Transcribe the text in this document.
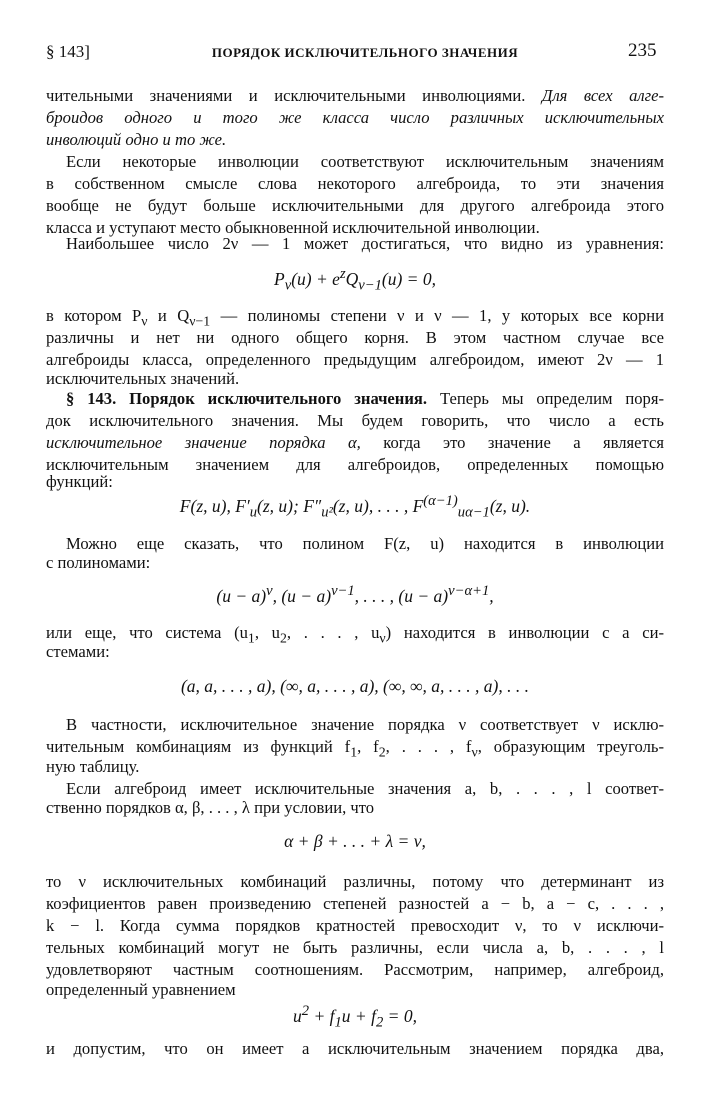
§ 143]	ПОРЯДОК ИСКЛЮЧИТЕЛЬНОГО ЗНАЧЕНИЯ	235
чительными значениями и исключительными инволюциями. Для всех алге-
броидов одного и того же класса число различных исключительных
инволюций одно и то же.
Если некоторые инволюции соответствуют исключительным значениям
в собственном смысле слова некоторого алгеброида, то эти значения
вообще не будут больше исключительными для другого алгеброида этого
класса и уступают место обыкновенной исключительной инволюции.
Наибольшее число 2ν — 1 может достигаться, что видно из уравнения:
$P_\nu(u) + e^zQ_{\nu-1}(u) = 0$,
в котором $P_\nu$ и $Q_{\nu-1}$ — полиномы степени ν и ν — 1, у которых все корни
различны и нет ни одного общего корня. В этом частном случае все
алгеброиды класса, определенного предыдущим алгеброидом, имеют 2ν — 1
исключительных значений.
§ 143. Порядок исключительного значения. Теперь мы определим поря-
док исключительного значения. Мы будем говорить, что число a есть
исключительное значение порядка α, когда это значение a является
исключительным значением для алгеброидов, определенных помощью
функций:
F(z, u), $F'_u(z$, u); $F''_{u^2}(z$, u), . . . , $F^{(\alpha-1)}_{u\alpha-1}(z$, u).
Можно еще сказать, что полином F(z, u) находится в инволюции
с полиномами:
$(u - a)^\nu$, $(u - a)^{\nu-1}$, . . . , $(u - a)^{\nu-\alpha+1}$,
или еще, что система ($u_1$, $u_2$, . . . , $u_\nu$) находится в инволюции с a си-
стемами:
(a, a, . . . , a), (∞, a, . . . , a), (∞, ∞, a, . . . , a), . . .
В частности, исключительное значение порядка ν соответствует ν исклю-
чительным комбинациям из функций $f_1$, $f_2$, . . . , $f_\nu$, образующим треуголь-
ную таблицу.
Если алгеброид имеет исключительные значения a, b, . . . , l соответ-
ственно порядков α, β, . . . , λ при условии, что
α + β + . . . + λ = ν,
то ν исключительных комбинаций различны, потому что детерминант из
коэфициентов равен произведению степеней разностей a − b, a − c, . . . ,
k − l. Когда сумма порядков кратностей превосходит ν, то ν исключи-
тельных комбинаций могут не быть различны, если числа a, b, . . . , l
удовлетворяют частным соотношениям. Рассмотрим, например, алгеброид,
определенный уравнением
$u^2 + f_1u + f_2 = 0$,
и допустим, что он имеет a исключительным значением порядка два,
